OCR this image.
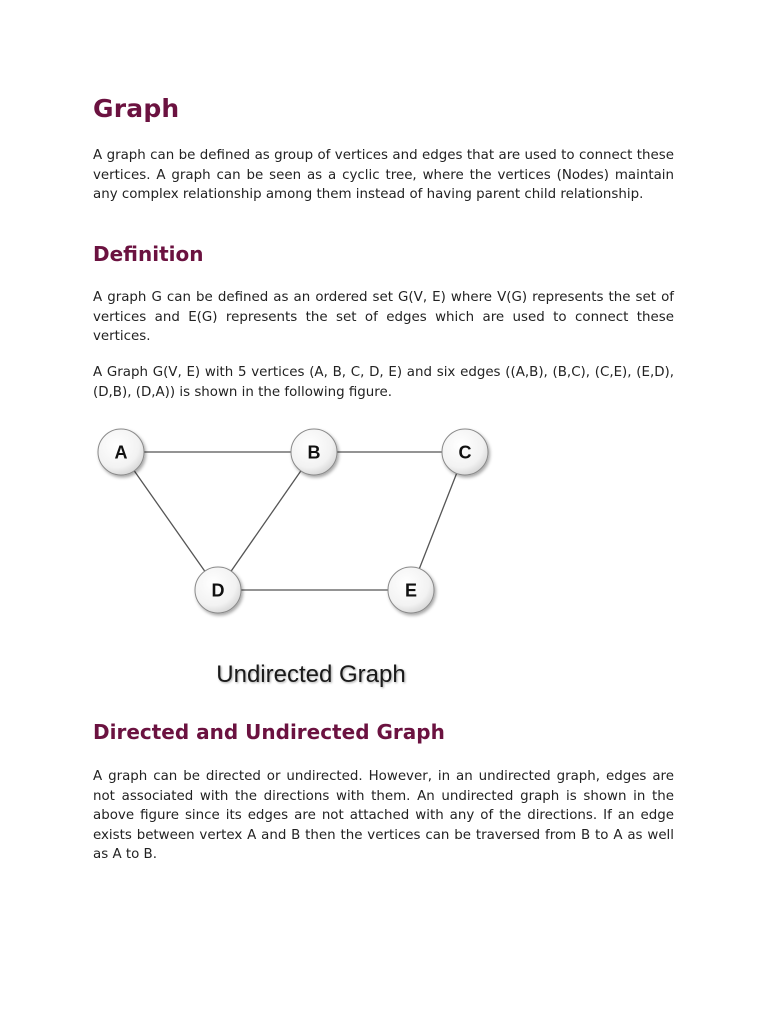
Graph

A graph can be defined as group of vertices and edges that are used to connect these vertices. A graph can be seen as a cyclic tree, where the vertices (Nodes) maintain any complex relationship among them instead of having parent child relationship.

Definition

A graph G can be defined as an ordered set G(V, E) where V(G) represents the set of vertices and E(G) represents the set of edges which are used to connect these vertices.

A Graph G(V, E) with 5 vertices (A, B, C, D, E) and six edges ((A,B), (B,C), (C,E), (E,D), (D,B), (D,A)) is shown in the following figure.

Directed and Undirected Graph

A graph can be directed or undirected. However, in an undirected graph, edges are not associated with the directions with them. An undirected graph is shown in the above figure since its edges are not attached with any of the directions. If an edge exists between vertex A and B then the vertices can be traversed from B to A as well as A to B.

A	B	C
D	E
Undirected Graph
